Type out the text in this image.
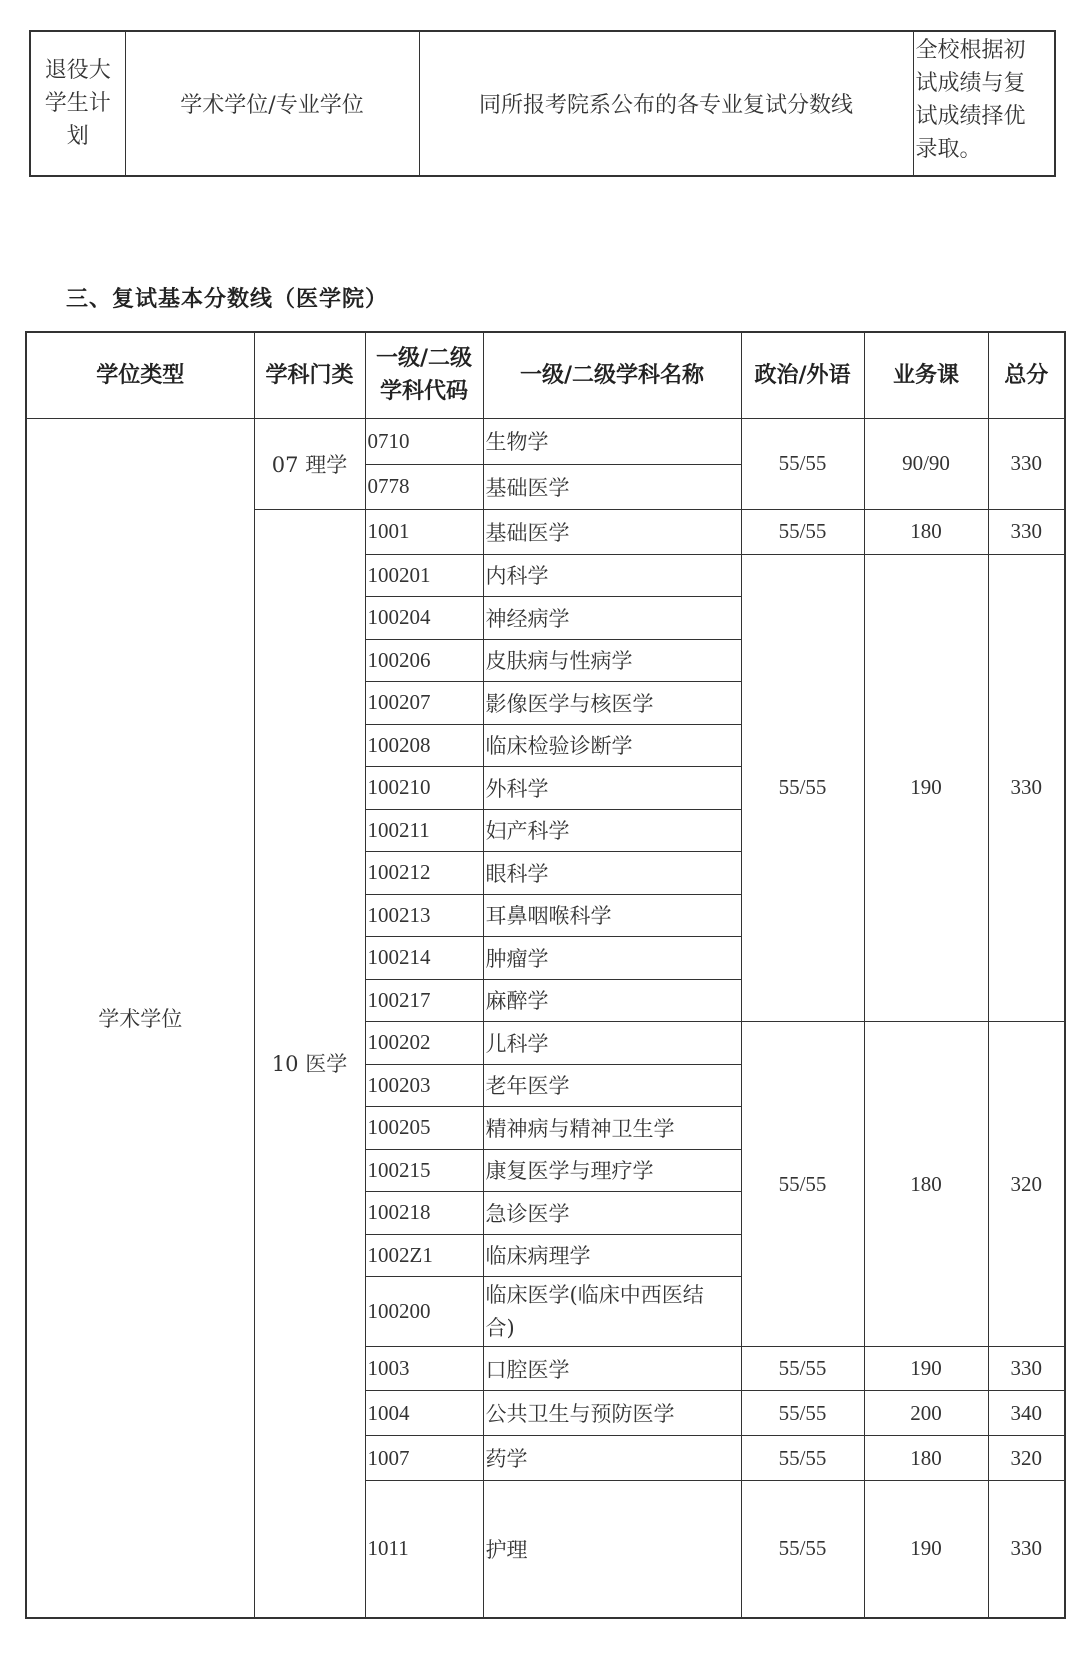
退役大
学生计
划	学术学位/专业学位	同所报考院系公布的各专业复试分数线	全校根据初
试成绩与复
试成绩择优
录取。
三、复试基本分数线（医学院）
学位类型	学科门类	一级/二级
学科代码	一级/二级学科名称	政治/外语	业务课	总分
学术学位	07 理学	0710	生物学	55/55	90/90	330
		0778	基础医学			
	10 医学	1001	基础医学	55/55	180	330
		100201	内科学	55/55	190	330
		100204	神经病学			
		100206	皮肤病与性病学			
		100207	影像医学与核医学			
		100208	临床检验诊断学			
		100210	外科学			
		100211	妇产科学			
		100212	眼科学			
		100213	耳鼻咽喉科学			
		100214	肿瘤学			
		100217	麻醉学			
		100202	儿科学	55/55	180	320
		100203	老年医学			
		100205	精神病与精神卫生学			
		100215	康复医学与理疗学			
		100218	急诊医学			
		1002Z1	临床病理学			
		100200	临床医学(临床中西医结
合)			
		1003	口腔医学	55/55	190	330
		1004	公共卫生与预防医学	55/55	200	340
		1007	药学	55/55	180	320
		1011	护理	55/55	190	330
